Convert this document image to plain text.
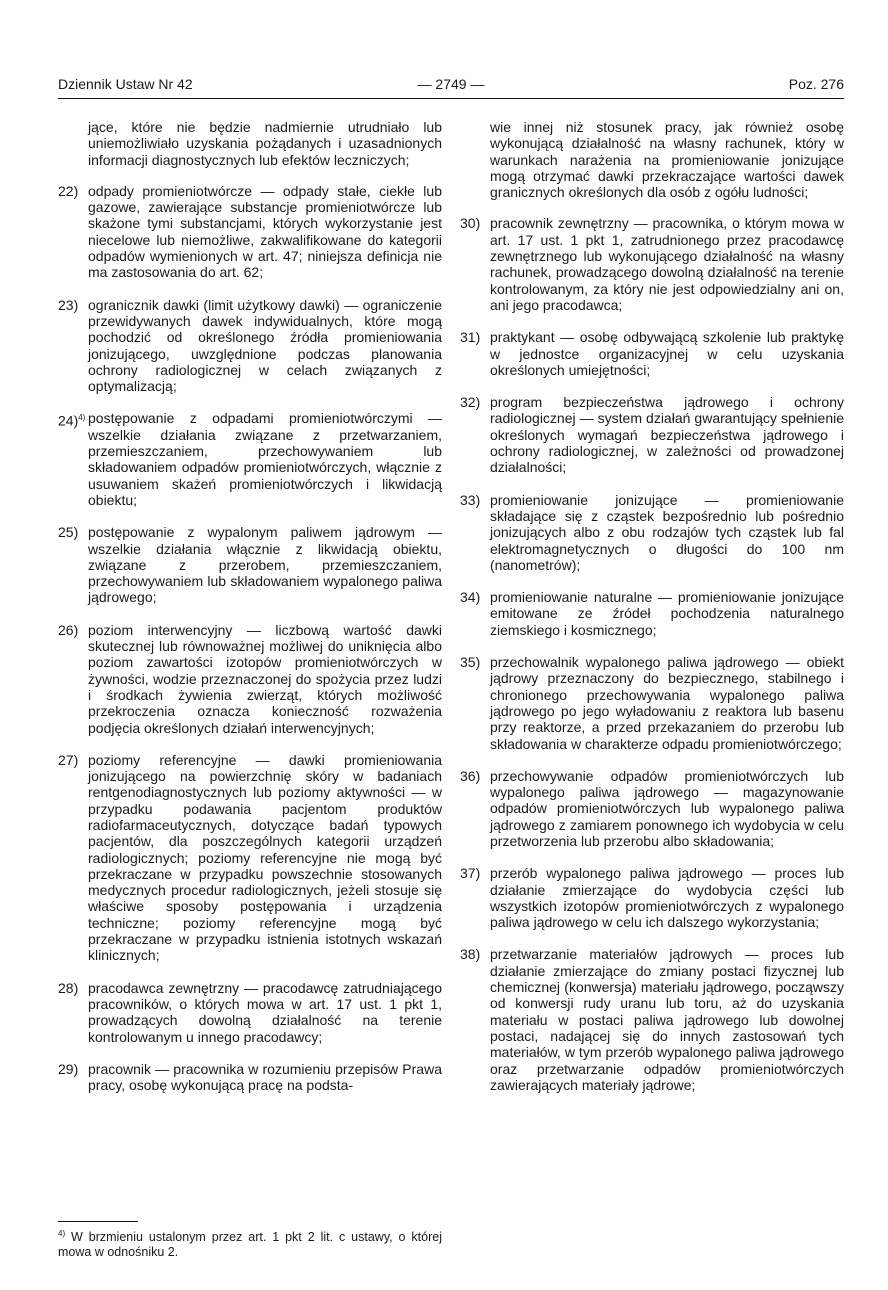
Dziennik Ustaw Nr 42	— 2749 —	Poz. 276
jące, które nie będzie nadmiernie utrudniało lub uniemożliwiało uzyskania pożądanych i uzasadnionych informacji diagnostycznych lub efektów leczniczych;
22) odpady promieniotwórcze — odpady stałe, ciekłe lub gazowe, zawierające substancje promieniotwórcze lub skażone tymi substancjami, których wykorzystanie jest niecelowe lub niemożliwe, zakwalifikowane do kategorii odpadów wymienionych w art. 47; niniejsza definicja nie ma zastosowania do art. 62;
23) ogranicznik dawki (limit użytkowy dawki) — ograniczenie przewidywanych dawek indywidualnych, które mogą pochodzić od określonego źródła promieniowania jonizującego, uwzględnione podczas planowania ochrony radiologicznej w celach związanych z optymalizacją;
24)$^{4)}$ postępowanie z odpadami promieniotwórczymi — wszelkie działania związane z przetwarzaniem, przemieszczaniem, przechowywaniem lub składowaniem odpadów promieniotwórczych, włącznie z usuwaniem skażeń promieniotwórczych i likwidacją obiektu;
25) postępowanie z wypalonym paliwem jądrowym — wszelkie działania włącznie z likwidacją obiektu, związane z przerobem, przemieszczaniem, przechowywaniem lub składowaniem wypalonego paliwa jądrowego;
26) poziom interwencyjny — liczbową wartość dawki skutecznej lub równoważnej możliwej do uniknięcia albo poziom zawartości izotopów promieniotwórczych w żywności, wodzie przeznaczonej do spożycia przez ludzi i środkach żywienia zwierząt, których możliwość przekroczenia oznacza konieczność rozważenia podjęcia określonych działań interwencyjnych;
27) poziomy referencyjne — dawki promieniowania jonizującego na powierzchnię skóry w badaniach rentgenodiagnostycznych lub poziomy aktywności — w przypadku podawania pacjentom produktów radiofarmaceutycznych, dotyczące badań typowych pacjentów, dla poszczególnych kategorii urządzeń radiologicznych; poziomy referencyjne nie mogą być przekraczane w przypadku powszechnie stosowanych medycznych procedur radiologicznych, jeżeli stosuje się właściwe sposoby postępowania i urządzenia techniczne; poziomy referencyjne mogą być przekraczane w przypadku istnienia istotnych wskazań klinicznych;
28) pracodawca zewnętrzny — pracodawcę zatrudniającego pracowników, o których mowa w art. 17 ust. 1 pkt 1, prowadzących dowolną działalność na terenie kontrolowanym u innego pracodawcy;
29) pracownik — pracownika w rozumieniu przepisów Prawa pracy, osobę wykonującą pracę na podsta-
wie innej niż stosunek pracy, jak również osobę wykonującą działalność na własny rachunek, który w warunkach narażenia na promieniowanie jonizujące mogą otrzymać dawki przekraczające wartości dawek granicznych określonych dla osób z ogółu ludności;
30) pracownik zewnętrzny — pracownika, o którym mowa w art. 17 ust. 1 pkt 1, zatrudnionego przez pracodawcę zewnętrznego lub wykonującego działalność na własny rachunek, prowadzącego dowolną działalność na terenie kontrolowanym, za który nie jest odpowiedzialny ani on, ani jego pracodawca;
31) praktykant — osobę odbywającą szkolenie lub praktykę w jednostce organizacyjnej w celu uzyskania określonych umiejętności;
32) program bezpieczeństwa jądrowego i ochrony radiologicznej — system działań gwarantujący spełnienie określonych wymagań bezpieczeństwa jądrowego i ochrony radiologicznej, w zależności od prowadzonej działalności;
33) promieniowanie jonizujące — promieniowanie składające się z cząstek bezpośrednio lub pośrednio jonizujących albo z obu rodzajów tych cząstek lub fal elektromagnetycznych o długości do 100 nm (nanometrów);
34) promieniowanie naturalne — promieniowanie jonizujące emitowane ze źródeł pochodzenia naturalnego ziemskiego i kosmicznego;
35) przechowalnik wypalonego paliwa jądrowego — obiekt jądrowy przeznaczony do bezpiecznego, stabilnego i chronionego przechowywania wypalonego paliwa jądrowego po jego wyładowaniu z reaktora lub basenu przy reaktorze, a przed przekazaniem do przerobu lub składowania w charakterze odpadu promieniotwórczego;
36) przechowywanie odpadów promieniotwórczych lub wypalonego paliwa jądrowego — magazynowanie odpadów promieniotwórczych lub wypalonego paliwa jądrowego z zamiarem ponownego ich wydobycia w celu przetworzenia lub przerobu albo składowania;
37) przerób wypalonego paliwa jądrowego — proces lub działanie zmierzające do wydobycia części lub wszystkich izotopów promieniotwórczych z wypalonego paliwa jądrowego w celu ich dalszego wykorzystania;
38) przetwarzanie materiałów jądrowych — proces lub działanie zmierzające do zmiany postaci fizycznej lub chemicznej (konwersja) materiału jądrowego, począwszy od konwersji rudy uranu lub toru, aż do uzyskania materiału w postaci paliwa jądrowego lub dowolnej postaci, nadającej się do innych zastosowań tych materiałów, w tym przerób wypalonego paliwa jądrowego oraz przetwarzanie odpadów promieniotwórczych zawierających materiały jądrowe;
$^{4)}$ W brzmieniu ustalonym przez art. 1 pkt 2 lit. c ustawy, o której mowa w odnośniku 2.
